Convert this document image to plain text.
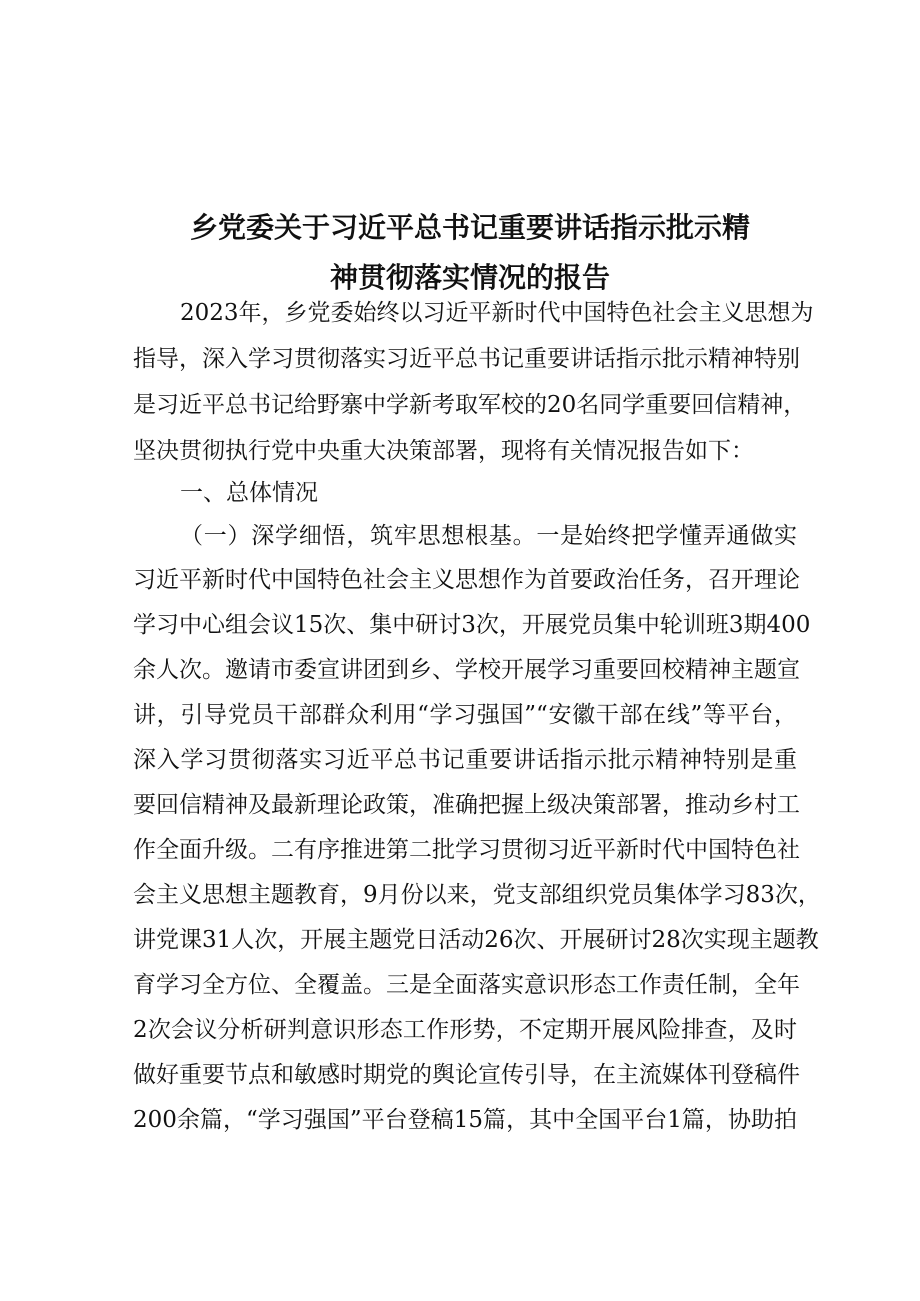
乡党委关于习近平总书记重要讲话指示批示精
神贯彻落实情况的报告
2023年，乡党委始终以习近平新时代中国特色社会主义思想为
指导，深入学习贯彻落实习近平总书记重要讲话指示批示精神特别
是习近平总书记给野寨中学新考取军校的20名同学重要回信精神，
坚决贯彻执行党中央重大决策部署，现将有关情况报告如下：
一、总体情况
（一）深学细悟，筑牢思想根基。一是始终把学懂弄通做实
习近平新时代中国特色社会主义思想作为首要政治任务，召开理论
学习中心组会议15次、集中研讨3次，开展党员集中轮训班3期400
余人次。邀请市委宣讲团到乡、学校开展学习重要回校精神主题宣
讲，引导党员干部群众利用“学习强国”“安徽干部在线”等平台，
深入学习贯彻落实习近平总书记重要讲话指示批示精神特别是重
要回信精神及最新理论政策，准确把握上级决策部署，推动乡村工
作全面升级。二有序推进第二批学习贯彻习近平新时代中国特色社
会主义思想主题教育，9月份以来，党支部组织党员集体学习83次，
讲党课31人次，开展主题党日活动26次、开展研讨28次实现主题教
育学习全方位、全覆盖。三是全面落实意识形态工作责任制，全年
2次会议分析研判意识形态工作形势，不定期开展风险排查，及时
做好重要节点和敏感时期党的舆论宣传引导，在主流媒体刊登稿件
200余篇，“学习强国”平台登稿15篇，其中全国平台1篇，协助拍
